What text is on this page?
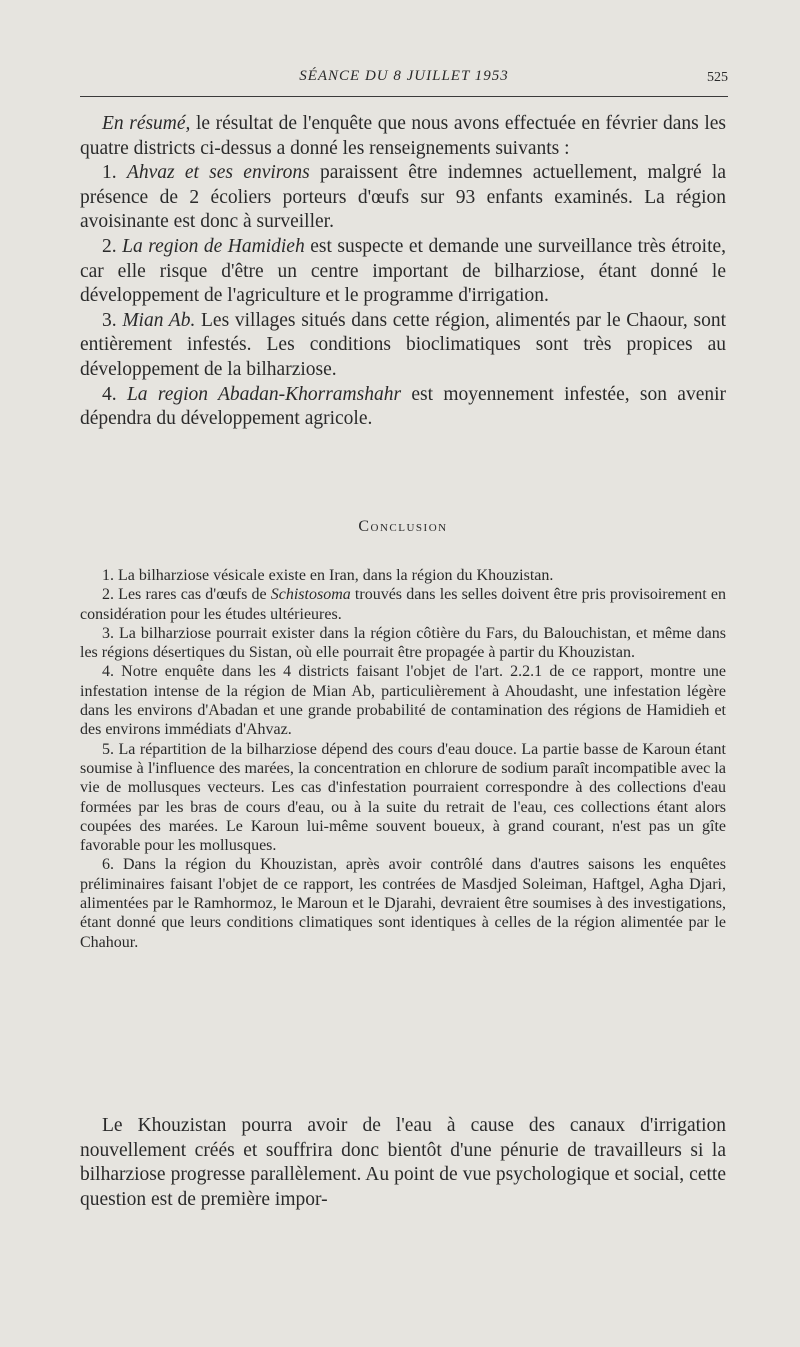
SÉANCE DU 8 JUILLET 1953	525

En résumé, le résultat de l'enquête que nous avons effectuée en février dans les quatre districts ci-dessus a donné les renseignements suivants :

1. Ahvaz et ses environs paraissent être indemnes actuellement, malgré la présence de 2 écoliers porteurs d'œufs sur 93 enfants examinés. La région avoisinante est donc à surveiller.

2. La region de Hamidieh est suspecte et demande une surveillance très étroite, car elle risque d'être un centre important de bilharziose, étant donné le développement de l'agriculture et le programme d'irrigation.

3. Mian Ab. Les villages situés dans cette région, alimentés par le Chaour, sont entièrement infestés. Les conditions bioclimatiques sont très propices au développement de la bilharziose.

4. La region Abadan-Khorramshahr est moyennement infestée, son avenir dépendra du développement agricole.

Conclusion

1. La bilharziose vésicale existe en Iran, dans la région du Khouzistan.

2. Les rares cas d'œufs de Schistosoma trouvés dans les selles doivent être pris provisoirement en considération pour les études ultérieures.

3. La bilharziose pourrait exister dans la région côtière du Fars, du Balouchistan, et même dans les régions désertiques du Sistan, où elle pourrait être propagée à partir du Khouzistan.

4. Notre enquête dans les 4 districts faisant l'objet de l'art. 2.2.1 de ce rapport, montre une infestation intense de la région de Mian Ab, particulièrement à Ahoudasht, une infestation légère dans les environs d'Abadan et une grande probabilité de contamination des régions de Hamidieh et des environs immédiats d'Ahvaz.

5. La répartition de la bilharziose dépend des cours d'eau douce. La partie basse de Karoun étant soumise à l'influence des marées, la concentration en chlorure de sodium paraît incompatible avec la vie de mollusques vecteurs. Les cas d'infestation pourraient correspondre à des collections d'eau formées par les bras de cours d'eau, ou à la suite du retrait de l'eau, ces collections étant alors coupées des marées. Le Karoun lui-même souvent boueux, à grand courant, n'est pas un gîte favorable pour les mollusques.

6. Dans la région du Khouzistan, après avoir contrôlé dans d'autres saisons les enquêtes préliminaires faisant l'objet de ce rapport, les contrées de Masdjed Soleiman, Haftgel, Agha Djari, alimentées par le Ramhormoz, le Maroun et le Djarahi, devraient être soumises à des investigations, étant donné que leurs conditions climatiques sont identiques à celles de la région alimentée par le Chahour.

Le Khouzistan pourra avoir de l'eau à cause des canaux d'irrigation nouvellement créés et souffrira donc bientôt d'une pénurie de travailleurs si la bilharziose progresse parallèlement. Au point de vue psychologique et social, cette question est de première impor-
